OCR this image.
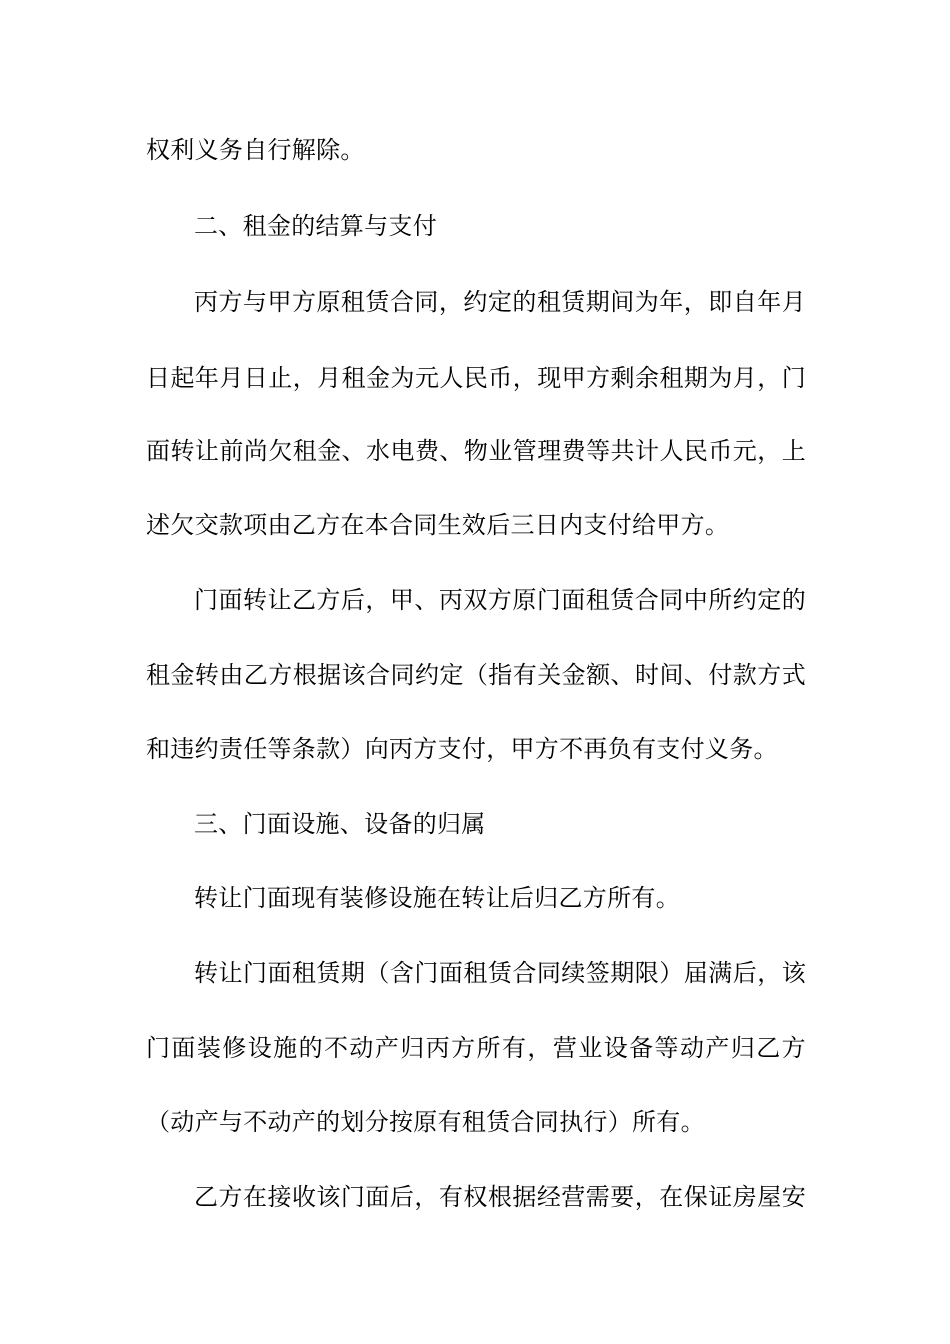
权利义务自行解除。
二、租金的结算与支付
丙方与甲方原租赁合同，约定的租赁期间为年，即自年月
日起年月日止，月租金为元人民币，现甲方剩余租期为月，门
面转让前尚欠租金、水电费、物业管理费等共计人民币元，上
述欠交款项由乙方在本合同生效后三日内支付给甲方。
门面转让乙方后，甲、丙双方原门面租赁合同中所约定的
租金转由乙方根据该合同约定（指有关金额、时间、付款方式
和违约责任等条款）向丙方支付，甲方不再负有支付义务。
三、门面设施、设备的归属
转让门面现有装修设施在转让后归乙方所有。
转让门面租赁期（含门面租赁合同续签期限）届满后，该
门面装修设施的不动产归丙方所有，营业设备等动产归乙方
（动产与不动产的划分按原有租赁合同执行）所有。
乙方在接收该门面后，有权根据经营需要，在保证房屋安
